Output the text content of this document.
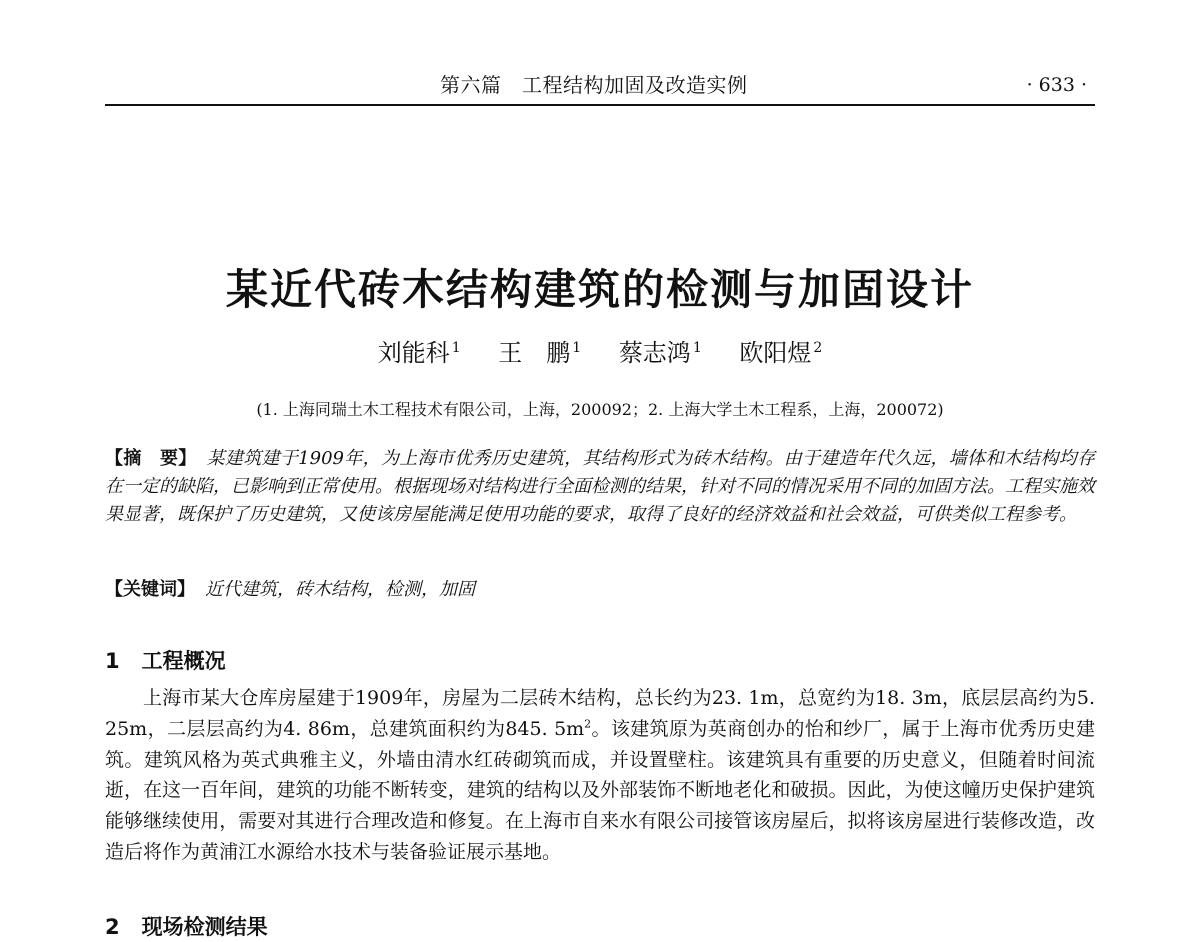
第六篇　工程结构加固及改造实例	· 633 ·
某近代砖木结构建筑的检测与加固设计
刘能科 $^1$ 王　鹏 $^1$ 蔡志鸿 $^1$ 欧阳煜 $^2$
(1. 上海同瑞土木工程技术有限公司，上海，200092；2. 上海大学土木工程系，上海，200072)
【摘　要】 某建筑建于1909年，为上海市优秀历史建筑，其结构形式为砖木结构。由于建造年代久远，墙体和木结构均存在一定的缺陷，已影响到正常使用。根据现场对结构进行全面检测的结果，针对不同的情况采用不同的加固方法。工程实施效果显著，既保护了历史建筑，又使该房屋能满足使用功能的要求，取得了良好的经济效益和社会效益，可供类似工程参考。
【关键词】 近代建筑，砖木结构，检测，加固
1 工程概况

上海市某大仓库房屋建于1909年，房屋为二层砖木结构，总长约为23. 1m，总宽约为18. 3m，底层层高约为5. 25m，二层层高约为4. 86m，总建筑面积约为845. $5m^2$。该建筑原为英商创办的怡和纱厂，属于上海市优秀历史建筑。建筑风格为英式典雅主义，外墙由清水红砖砌筑而成，并设置壁柱。该建筑具有重要的历史意义，但随着时间流逝，在这一百年间，建筑的功能不断转变，建筑的结构以及外部装饰不断地老化和破损。因此，为使这幢历史保护建筑能够继续使用，需要对其进行合理改造和修复。在上海市自来水有限公司接管该房屋后，拟将该房屋进行装修改造，改造后将作为黄浦江水源给水技术与装备验证展示基地。

2 现场检测结果
